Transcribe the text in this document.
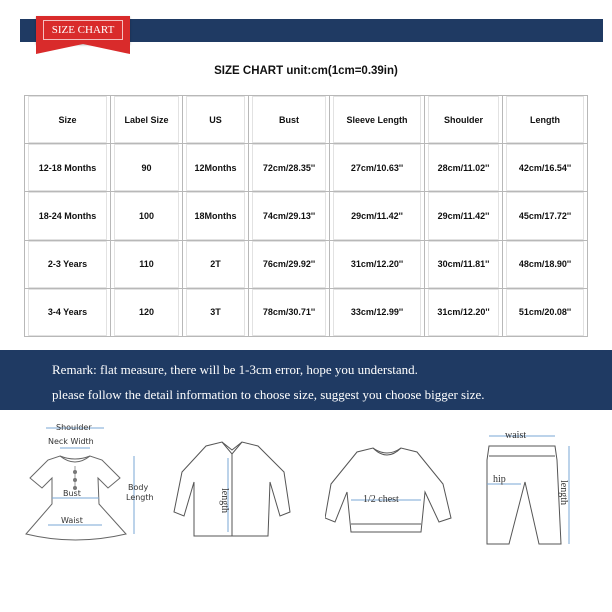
SIZE CHART
SIZE CHART unit:cm(1cm=0.39in)
Size	Label Size	US	Bust	Sleeve Length	Shoulder	Length

12-18 Months	90	12Months	72cm/28.35''	27cm/10.63''	28cm/11.02''	42cm/16.54''

18-24 Months	100	18Months	74cm/29.13''	29cm/11.42''	29cm/11.42''	45cm/17.72''

2-3 Years	110	2T	76cm/29.92''	31cm/12.20''	30cm/11.81''	48cm/18.90''

3-4 Years	120	3T	78cm/30.71''	33cm/12.99''	31cm/12.20''	51cm/20.08''
Remark: flat measure, there will be 1-3cm error, hope you understand.
please follow the detail information to choose size, suggest you choose bigger size.
Shoulder
Neck Width
Bust
Waist
Body
Length	length	1/2 chest
waist
hip
length
